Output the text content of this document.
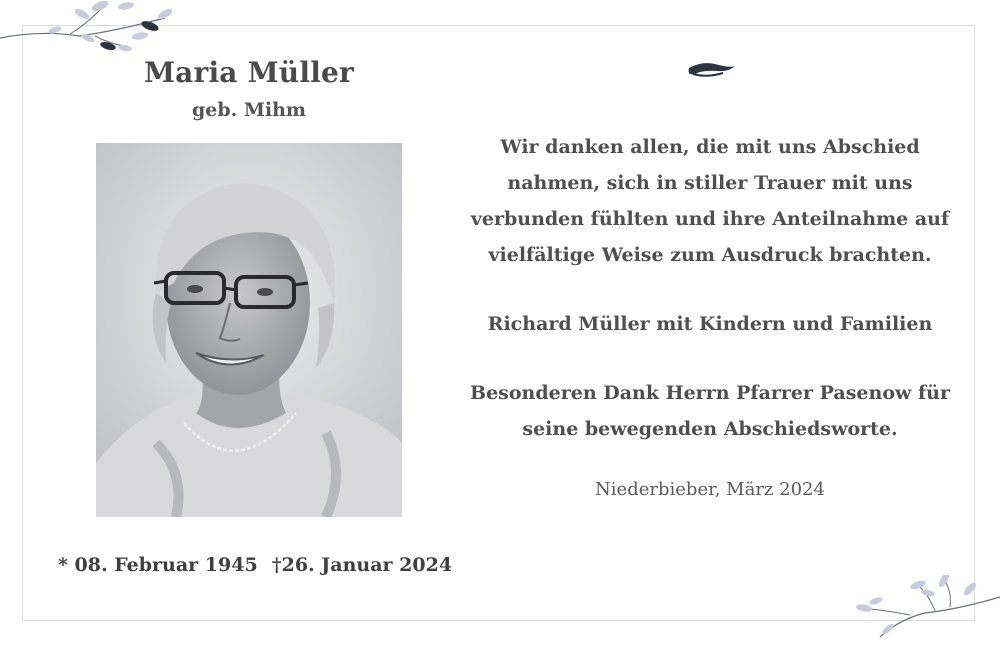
Maria Müller
geb. Mihm
* 08. Februar 1945 †26. Januar 2024

Wir danken allen, die mit uns Abschied
nahmen, sich in stiller Trauer mit uns
verbunden fühlten und ihre Anteilnahme auf
vielfältige Weise zum Ausdruck brachten.

Richard Müller mit Kindern und Familien

Besonderen Dank Herrn Pfarrer Pasenow für
seine bewegenden Abschiedsworte.

Niederbieber, März 2024
